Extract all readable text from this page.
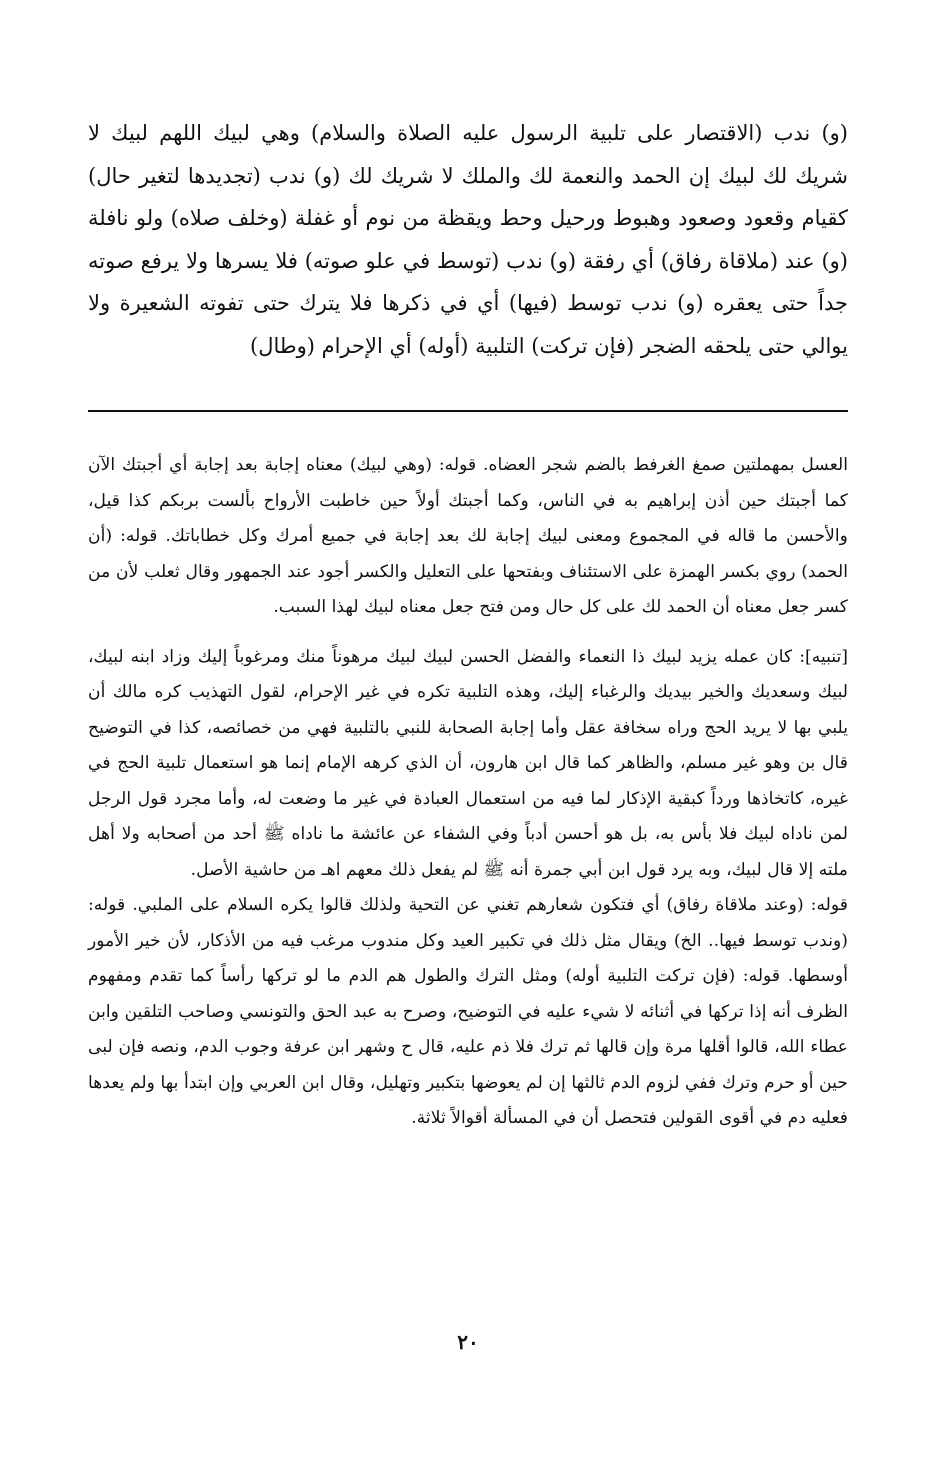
(و) ندب (الاقتصار على تلبية الرسول عليه الصلاة والسلام) وهي لبيك اللهم لبيك لا شريك لك لبيك إن الحمد والنعمة لك والملك لا شريك لك (و) ندب (تجديدها لتغير حال) كقيام وقعود وصعود وهبوط ورحيل وحط ويقظة من نوم أو غفلة (وخلف صلاه) ولو نافلة (و) عند (ملاقاة رفاق) أي رفقة (و) ندب (توسط في علو صوته) فلا يسرها ولا يرفع صوته جداً حتى يعقره (و) ندب توسط (فيها) أي في ذكرها فلا يترك حتى تفوته الشعيرة ولا يوالي حتى يلحقه الضجر (فإن تركت) التلبية (أوله) أي الإحرام (وطال)

العسل بمهملتين صمغ الغرفط بالضم شجر العضاه. قوله: (وهي لبيك) معناه إجابة بعد إجابة أي أجبتك الآن كما أجبتك حين أذن إبراهيم به في الناس، وكما أجبتك أولاً حين خاطبت الأرواح بألست بربكم كذا قيل، والأحسن ما قاله في المجموع ومعنى لبيك إجابة لك بعد إجابة في جميع أمرك وكل خطاباتك. قوله: (أن الحمد) روي بكسر الهمزة على الاستئناف وبفتحها على التعليل والكسر أجود عند الجمهور وقال ثعلب لأن من كسر جعل معناه أن الحمد لك على كل حال ومن فتح جعل معناه لبيك لهذا السبب.

[تنبيه]: كان عمله يزيد لبيك ذا النعماء والفضل الحسن لبيك لبيك مرهوناً منك ومرغوباً إليك وزاد ابنه لبيك، لبيك وسعديك والخير بيديك والرغباء إليك، وهذه التلبية تكره في غير الإحرام، لقول التهذيب كره مالك أن يلبي بها لا يريد الحج وراه سخافة عقل وأما إجابة الصحابة للنبي بالتلبية فهي من خصائصه، كذا في التوضيح قال بن وهو غير مسلم، والظاهر كما قال ابن هارون، أن الذي كرهه الإمام إنما هو استعمال تلبية الحج في غيره، كاتخاذها ورداً كبقية الإذكار لما فيه من استعمال العبادة في غير ما وضعت له، وأما مجرد قول الرجل لمن ناداه لبيك فلا بأس به، بل هو أحسن أدباً وفي الشفاء عن عائشة ما ناداه ﷺ أحد من أصحابه ولا أهل ملته إلا قال لبيك، وبه يرد قول ابن أبي جمرة أنه ﷺ لم يفعل ذلك معهم اهـ من حاشية الأصل.

قوله: (وعند ملاقاة رفاق) أي فتكون شعارهم تغني عن التحية ولذلك قالوا يكره السلام على الملبي. قوله: (وندب توسط فيها.. الخ) ويقال مثل ذلك في تكبير العيد وكل مندوب مرغب فيه من الأذكار، لأن خير الأمور أوسطها. قوله: (فإن تركت التلبية أوله) ومثل الترك والطول هم الدم ما لو تركها رأساً كما تقدم ومفهوم الظرف أنه إذا تركها في أثنائه لا شيء عليه في التوضيح، وصرح به عبد الحق والتونسي وصاحب التلقين وابن عطاء الله، قالوا أقلها مرة وإن قالها ثم ترك فلا ذم عليه، قال ح وشهر ابن عرفة وجوب الدم، ونصه فإن لبى حين أو حرم وترك ففي لزوم الدم ثالثها إن لم يعوضها بتكبير وتهليل، وقال ابن العربي وإن ابتدأ بها ولم يعدها فعليه دم في أقوى القولين فتحصل أن في المسألة أقوالاً ثلاثة.

٢٠
